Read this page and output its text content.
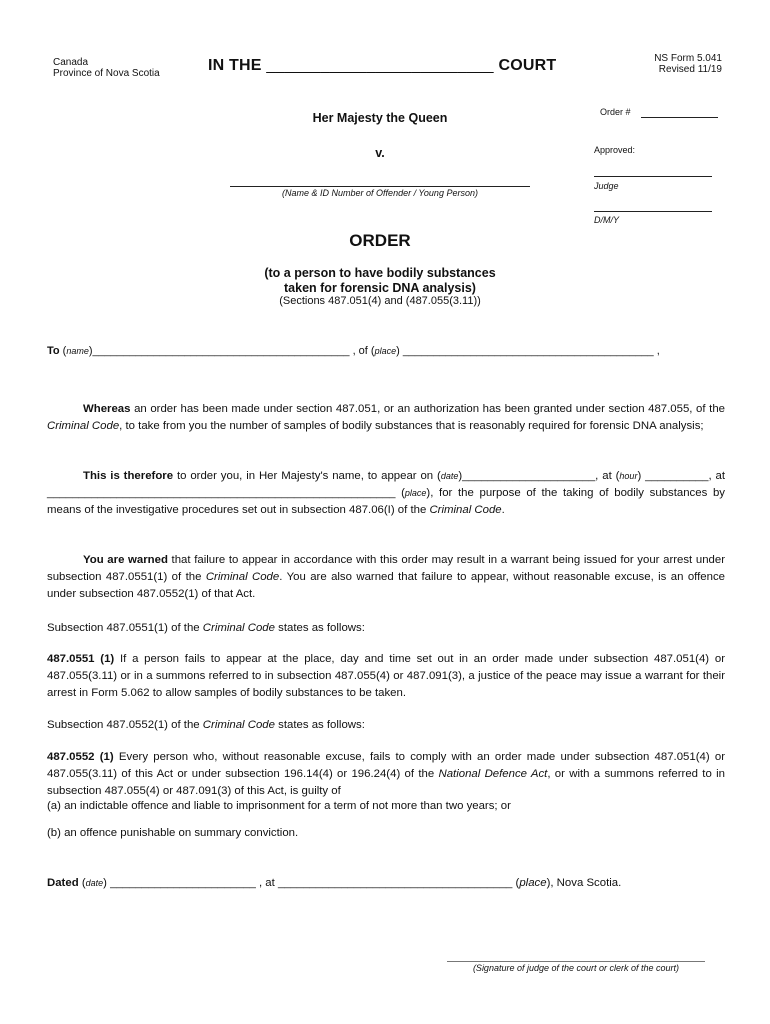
Canada
Province of Nova Scotia	IN THE _________________________ COURT	NS Form 5.041
Revised 11/19
Her Majesty the Queen
v.
(Name & ID Number of Offender / Young Person)
Order #
Approved:
Judge
D/M/Y
ORDER
(to a person to have bodily substances
taken for forensic DNA analysis)
(Sections 487.051(4) and (487.055(3.11))
To (name)__________________________________________ , of (place) _________________________________________ ,

Whereas an order has been made under section 487.051, or an authorization has been granted under section 487.055, of the Criminal Code, to take from you the number of samples of bodily substances that is reasonably required for forensic DNA analysis;

This is therefore to order you, in Her Majesty's name, to appear on (date)_____________________, at (hour) __________, at _______________________________________________________ (place), for the purpose of the taking of bodily substances by means of the investigative procedures set out in subsection 487.06(I) of the Criminal Code.

You are warned that failure to appear in accordance with this order may result in a warrant being issued for your arrest under subsection 487.0551(1) of the Criminal Code. You are also warned that failure to appear, without reasonable excuse, is an offence under subsection 487.0552(1) of that Act.

Subsection 487.0551(1) of the Criminal Code states as follows:

487.0551 (1) If a person fails to appear at the place, day and time set out in an order made under subsection 487.051(4) or 487.055(3.11) or in a summons referred to in subsection 487.055(4) or 487.091(3), a justice of the peace may issue a warrant for their arrest in Form 5.062 to allow samples of bodily substances to be taken.

Subsection 487.0552(1) of the Criminal Code states as follows:

487.0552 (1) Every person who, without reasonable excuse, fails to comply with an order made under subsection 487.051(4) or 487.055(3.11) of this Act or under subsection 196.14(4) or 196.24(4) of the National Defence Act, or with a summons referred to in subsection 487.055(4) or 487.091(3) of this Act, is guilty of

(a) an indictable offence and liable to imprisonment for a term of not more than two years; or

(b) an offence punishable on summary conviction.

Dated (date) _______________________ , at _____________________________________ (place), Nova Scotia.
(Signature of judge of the court or clerk of the court)
